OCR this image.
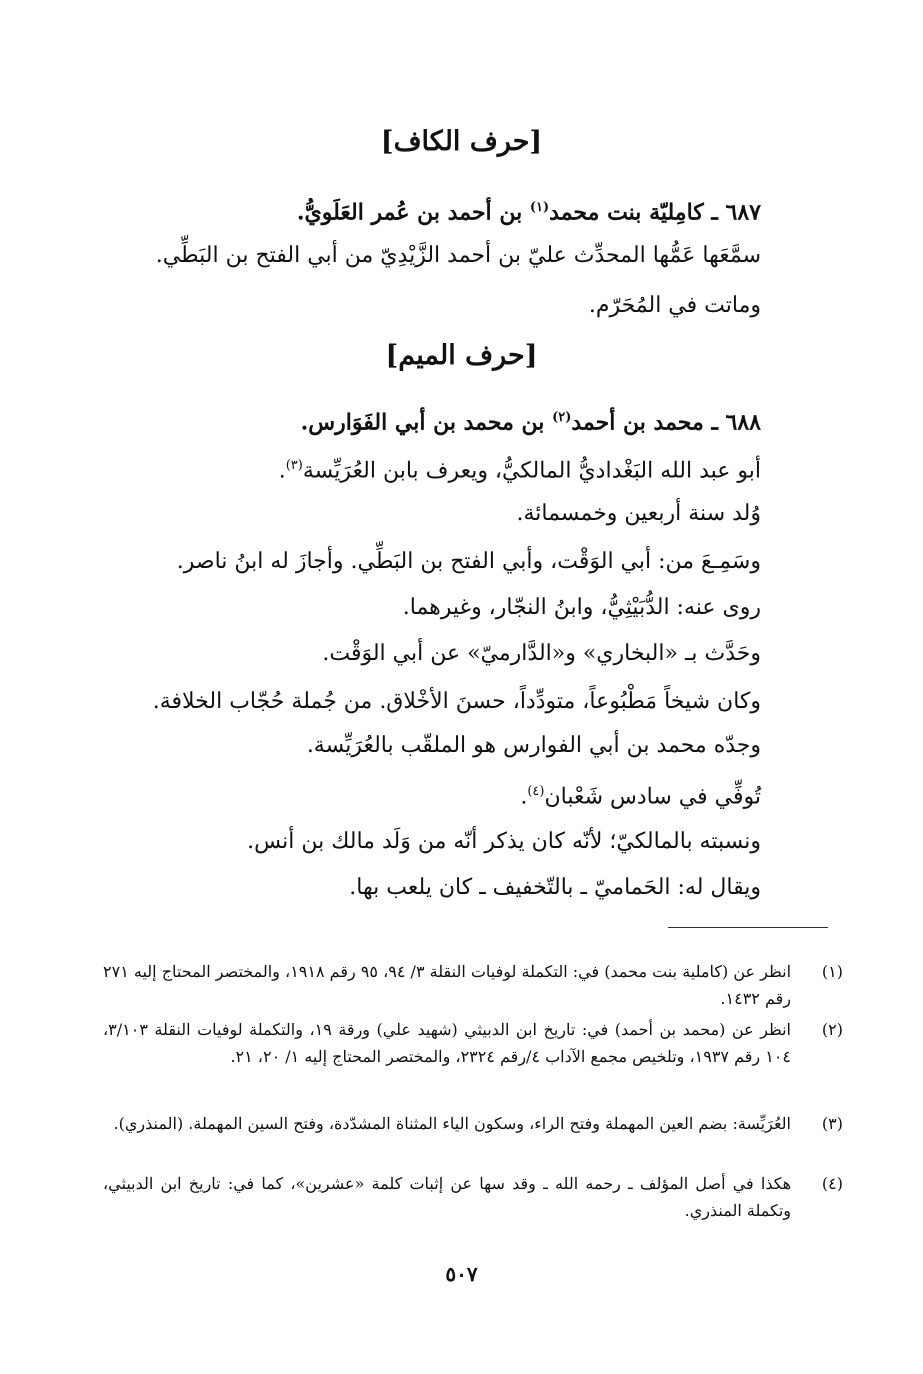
[حرف الكاف]
٦٨٧ ـ كامِليّة بنت محمد$^{(١)}$ بن أحمد بن عُمر العَلَويُّ.
سمَّعَها عَمُّها المحدِّث عليّ بن أحمد الزَّيْدِيّ من أبي الفتح بن البَطِّي.
وماتت في المُحَرّم.
[حرف الميم]
٦٨٨ ـ محمد بن أحمد$^{(٢)}$ بن محمد بن أبي الفَوَارس.
أبو عبد الله البَغْداديُّ المالكيُّ، ويعرف بابن العُرَيِّسة$^{(٣)}$.
وُلد سنة أربعين وخمسمائة.
وسَمِـعَ من: أبي الوَقْت، وأبي الفتح بن البَطِّي. وأجازَ له ابنُ ناصر.
روى عنه: الدُّبَيْثِيُّ، وابنُ النجّار، وغيرهما.
وحَدَّث بـ «البخاري» و«الدَّارميّ» عن أبي الوَقْت.
وكان شيخاً مَطْبُوعاً، متودِّداً، حسنَ الأخْلاق. من جُملة حُجّاب الخلافة.
وجدّه محمد بن أبي الفوارس هو الملقّب بالعُرَيِّسة.
تُوفِّي في سادس شَعْبان$^{(٤)}$.
ونسبته بالمالكيّ؛ لأنّه كان يذكر أنّه من وَلَد مالك بن أنس.
ويقال له: الحَماميّ ـ بالتّخفيف ـ كان يلعب بها.
(١)
انظر عن (كاملية بنت محمد) في: التكملة لوفيات النقلة ٣/ ٩٤، ٩٥ رقم ١٩١٨، والمختصر المحتاج إليه ٢٧١ رقم ١٤٣٢.
(٢)
انظر عن (محمد بن أحمد) في: تاريخ ابن الدبيثي (شهيد علي) ورقة ١٩، والتكملة لوفيات النقلة ٣/١٠٣، ١٠٤ رقم ١٩٣٧، وتلخيص مجمع الآداب ٤/رقم ٢٣٢٤، والمختصر المحتاج إليه ١/ ٢٠، ٢١.
(٣)
العُرَيِّسة: بضم العين المهملة وفتح الراء، وسكون الياء المثناة المشدّدة، وفتح السين المهملة. (المنذري).
(٤)
هكذا في أصل المؤلف ـ رحمه الله ـ وقد سها عن إثبات كلمة «عشرين»، كما في: تاريخ ابن الدبيثي، وتكملة المنذري.
٥٠٧
